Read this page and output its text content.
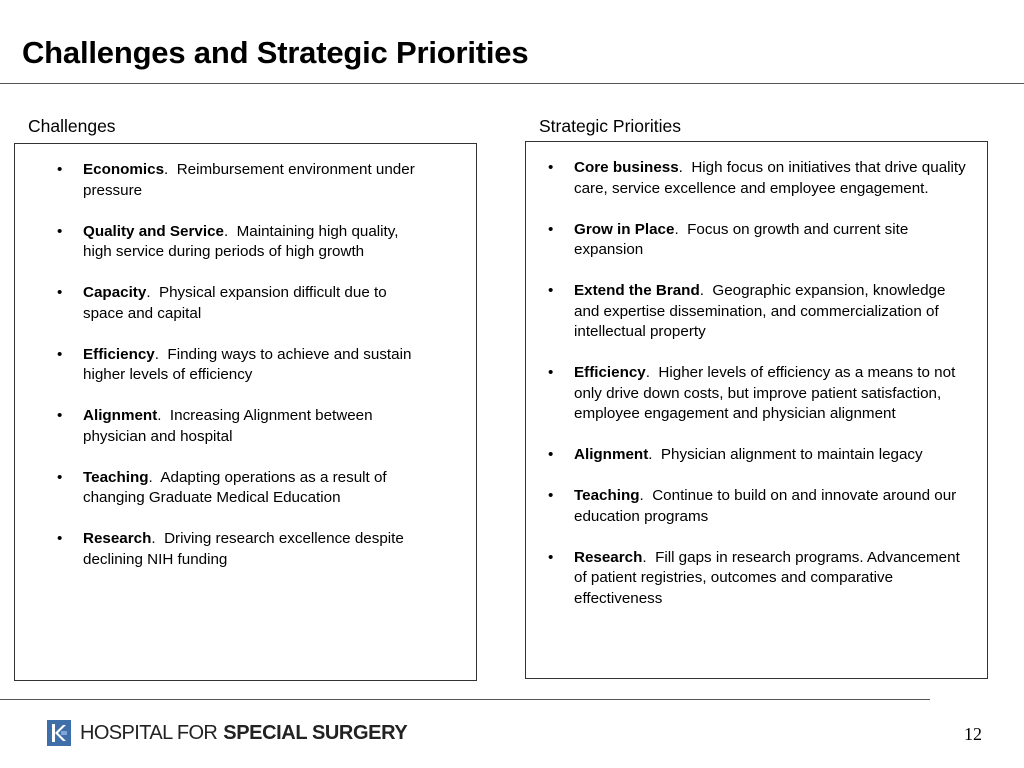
Challenges and Strategic Priorities
Challenges	Strategic Priorities
• Economics.  Reimbursement environment under pressure
• Quality and Service.  Maintaining high quality, high service during periods of high growth
• Capacity.  Physical expansion difficult due to space and capital
• Efficiency.  Finding ways to achieve and sustain higher levels of efficiency
• Alignment.  Increasing Alignment between physician and hospital
• Teaching.  Adapting operations as a result of changing Graduate Medical Education
• Research.  Driving research excellence despite declining NIH funding
• Core business.  High focus on initiatives that drive quality care, service excellence and employee engagement.
• Grow in Place.  Focus on growth and current site expansion
• Extend the Brand.  Geographic expansion, knowledge and expertise dissemination, and commercialization of intellectual property
• Efficiency.  Higher levels of efficiency as a means to not only drive down costs, but improve patient satisfaction, employee engagement and physician alignment
• Alignment.  Physician alignment to maintain legacy
• Teaching.  Continue to build on and innovate around our education programs
• Research.  Fill gaps in research programs. Advancement of patient registries, outcomes and comparative effectiveness
HOSPITAL FOR SPECIAL SURGERY	12
